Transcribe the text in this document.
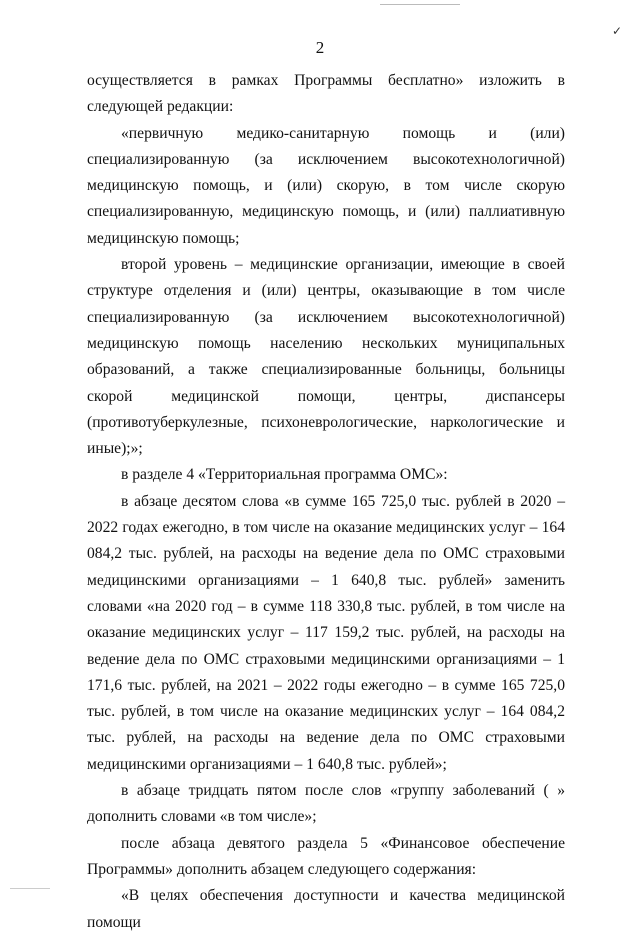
✓
2

осуществляется в рамках Программы бесплатно» изложить в следующей редакции:

«первичную медико-санитарную помощь и (или) специализированную (за исключением высокотехнологичной) медицинскую помощь, и (или) скорую, в том числе скорую специализированную, медицинскую помощь, и (или) паллиативную медицинскую помощь;

второй уровень – медицинские организации, имеющие в своей структуре отделения и (или) центры, оказывающие в том числе специализированную (за исключением высокотехнологичной) медицинскую помощь населению нескольких муниципальных образований, а также специализированные больницы, больницы скорой медицинской помощи, центры, диспансеры (противотуберкулезные, психоневрологические, наркологические и иные);»;

в разделе 4 «Территориальная программа ОМС»:

в абзаце десятом слова «в сумме 165 725,0 тыс. рублей в 2020 – 2022 годах ежегодно, в том числе на оказание медицинских услуг – 164 084,2 тыс. рублей, на расходы на ведение дела по ОМС страховыми медицинскими организациями – 1 640,8 тыс. рублей» заменить словами «на 2020 год – в сумме 118 330,8 тыс. рублей, в том числе на оказание медицинских услуг – 117 159,2 тыс. рублей, на расходы на ведение дела по ОМС страховыми медицинскими организациями – 1 171,6 тыс. рублей, на 2021 – 2022 годы ежегодно – в сумме 165 725,0 тыс. рублей, в том числе на оказание медицинских услуг – 164 084,2 тыс. рублей, на расходы на ведение дела по ОМС страховыми медицинскими организациями – 1 640,8 тыс. рублей»;

в абзаце тридцать пятом после слов «группу заболеваний ( » дополнить словами «в том числе»;

после абзаца девятого раздела 5 «Финансовое обеспечение Программы» дополнить абзацем следующего содержания:

«В целях обеспечения доступности и качества медицинской помощи
